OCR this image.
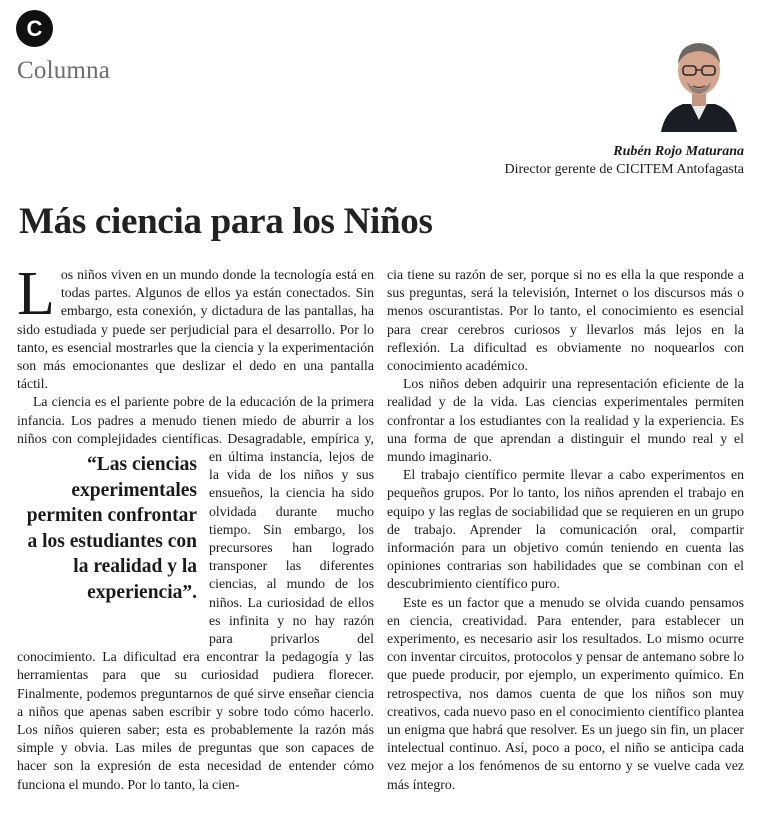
C
Columna
Rubén Rojo Maturana
Director gerente de CICITEM Antofagasta
Más ciencia para los Niños

Los niños viven en un mundo donde la tecnología está en todas partes. Algunos de ellos ya están conectados. Sin embargo, esta conexión, y dictadura de las pantallas, ha sido estudiada y puede ser perjudicial para el desarrollo. Por lo tanto, es esencial mostrarles que la ciencia y la experimentación son más emocionantes que deslizar el dedo en una pantalla táctil.

La ciencia es el pariente pobre de la educación de la primera infancia. Los padres a menudo tienen miedo de aburrir a los niños con complejidades científicas. Desagradable, empírica
“Las ciencias experimentales permiten confrontar a los estudiantes con la realidad y la experiencia”.
y, en última instancia, lejos de la vida de los niños y sus ensueños, la ciencia ha sido olvidada durante mucho tiempo. Sin embargo, los precursores han logrado transponer las diferentes ciencias, al mundo de los niños. La curiosidad de ellos es infinita y no hay razón para privarlos del conocimiento. La dificultad era encontrar la pedagogía y las herramientas para que su curiosidad pudiera florecer. Finalmente, podemos preguntarnos de qué sirve enseñar ciencia a niños que apenas saben escribir y sobre todo cómo hacerlo. Los niños quieren saber; esta es probablemente la razón más simple y obvia. Las miles de preguntas que son capaces de hacer son la expresión de esta necesidad de entender cómo funciona el mundo. Por lo tanto, la cien-

cia tiene su razón de ser, porque si no es ella la que responde a sus preguntas, será la televisión, Internet o los discursos más o menos oscurantistas. Por lo tanto, el conocimiento es esencial para crear cerebros curiosos y llevarlos más lejos en la reflexión. La dificultad es obviamente no noquearlos con conocimiento académico.

Los niños deben adquirir una representación eficiente de la realidad y de la vida. Las ciencias experimentales permiten confrontar a los estudiantes con la realidad y la experiencia. Es una forma de que aprendan a distinguir el mundo real y el mundo imaginario.

El trabajo científico permite llevar a cabo experimentos en pequeños grupos. Por lo tanto, los niños aprenden el trabajo en equipo y las reglas de sociabilidad que se requieren en un grupo de trabajo. Aprender la comunicación oral, compartir información para un objetivo común teniendo en cuenta las opiniones contrarias son habilidades que se combinan con el descubrimiento científico puro.

Este es un factor que a menudo se olvida cuando pensamos en ciencia, creatividad. Para entender, para establecer un experimento, es necesario asir los resultados. Lo mismo ocurre con inventar circuitos, protocolos y pensar de antemano sobre lo que puede producir, por ejemplo, un experimento químico. En retrospectiva, nos damos cuenta de que los niños son muy creativos, cada nuevo paso en el conocimiento científico plantea un enigma que habrá que resolver. Es un juego sin fin, un placer intelectual continuo. Así, poco a poco, el niño se anticipa cada vez mejor a los fenómenos de su entorno y se vuelve cada vez más íntegro.
